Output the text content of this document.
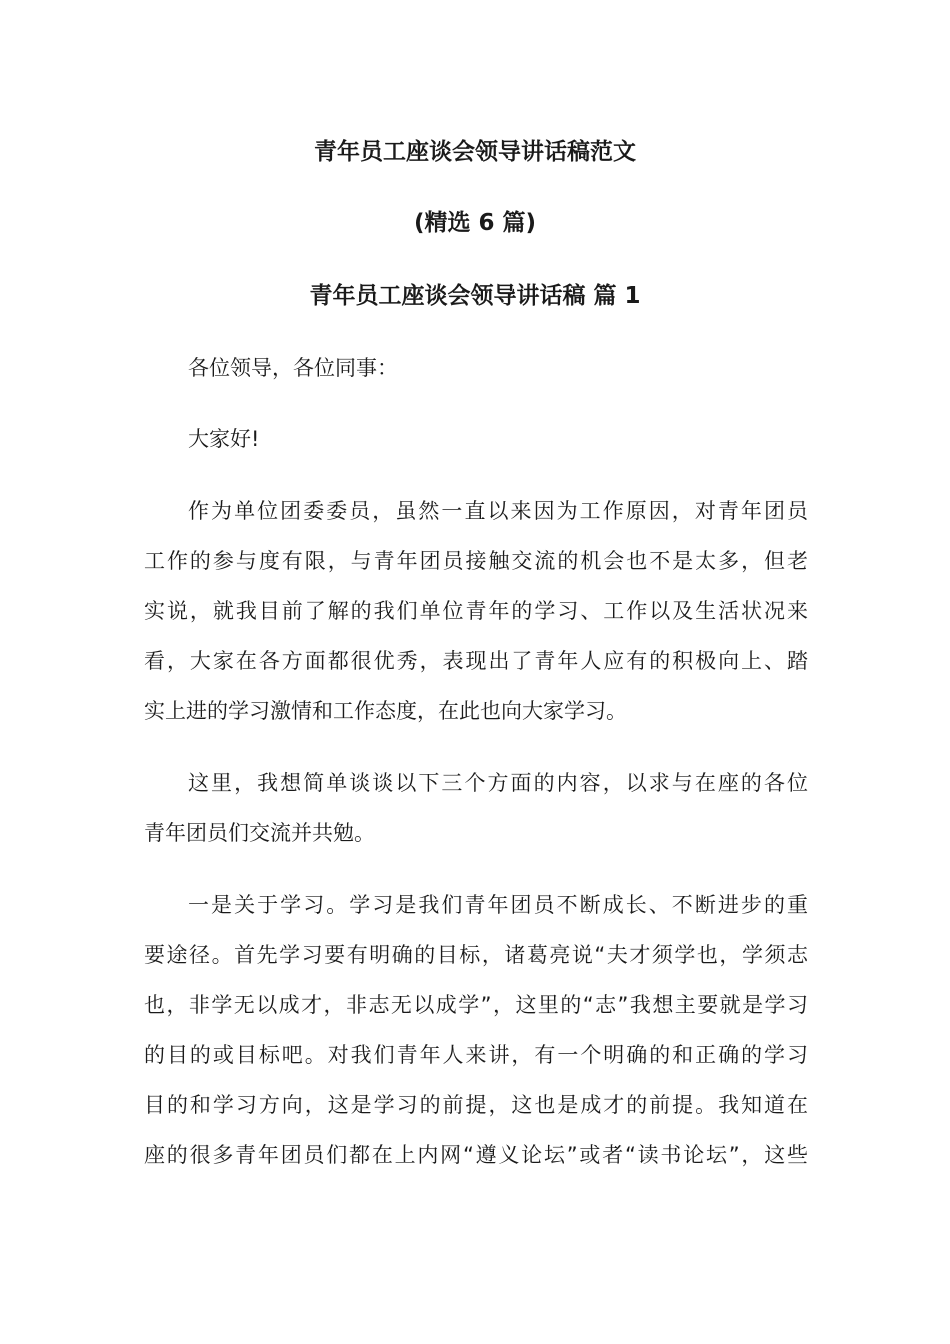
青年员工座谈会领导讲话稿范文
(精选 6 篇)
青年员工座谈会领导讲话稿 篇 1
各位领导，各位同事：
大家好!
作为单位团委委员，虽然一直以来因为工作原因，对青年团员
工作的参与度有限，与青年团员接触交流的机会也不是太多，但老
实说，就我目前了解的我们单位青年的学习、工作以及生活状况来
看，大家在各方面都很优秀，表现出了青年人应有的积极向上、踏
实上进的学习激情和工作态度，在此也向大家学习。
这里，我想简单谈谈以下三个方面的内容，以求与在座的各位
青年团员们交流并共勉。
一是关于学习。学习是我们青年团员不断成长、不断进步的重
要途径。首先学习要有明确的目标，诸葛亮说“夫才须学也，学须志
也，非学无以成才，非志无以成学”，这里的“志”我想主要就是学习
的目的或目标吧。对我们青年人来讲，有一个明确的和正确的学习
目的和学习方向，这是学习的前提，这也是成才的前提。我知道在
座的很多青年团员们都在上内网“遵义论坛”或者“读书论坛”，这些
